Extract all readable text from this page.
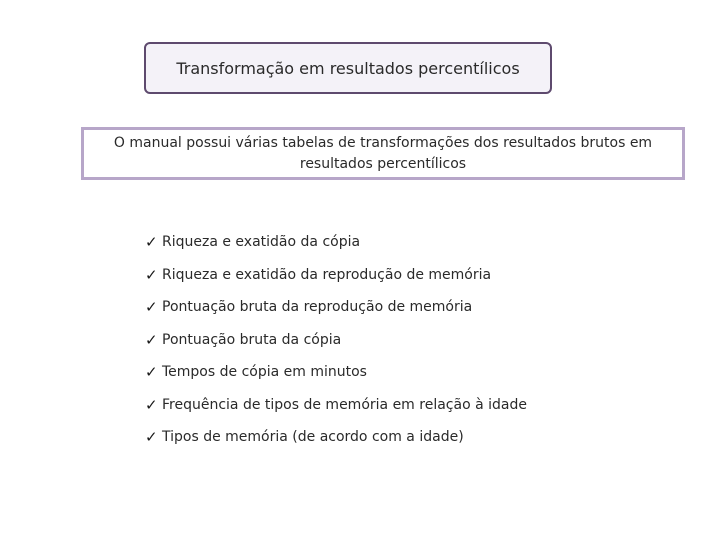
Transformação em resultados percentílicos
O manual possui várias tabelas de transformações dos resultados brutos em resultados percentílicos
✓ Riqueza e exatidão da cópia
✓ Riqueza e exatidão da reprodução de memória
✓ Pontuação bruta da reprodução de memória
✓ Pontuação bruta da cópia
✓ Tempos de cópia em minutos
✓ Frequência de tipos de memória em relação à idade
✓ Tipos de memória (de acordo com a idade)
